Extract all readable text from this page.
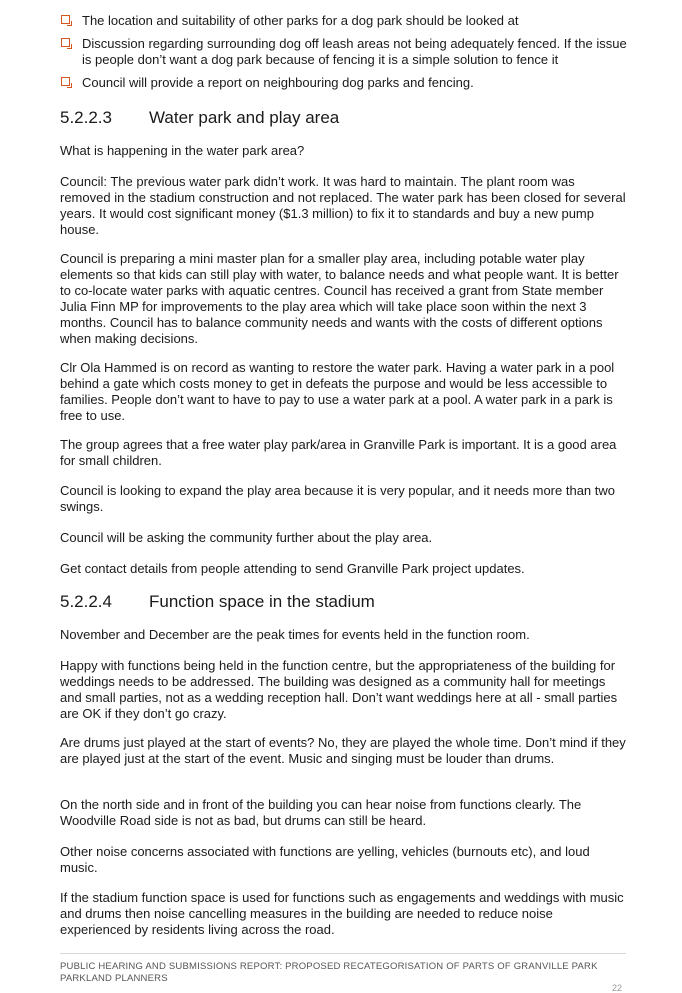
The location and suitability of other parks for a dog park should be looked at
Discussion regarding surrounding dog off leash areas not being adequately fenced. If the issue is people don’t want a dog park because of fencing it is a simple solution to fence it
Council will provide a report on neighbouring dog parks and fencing.
5.2.2.3 Water park and play area

What is happening in the water park area?

Council: The previous water park didn’t work. It was hard to maintain. The plant room was removed in the stadium construction and not replaced. The water park has been closed for several years. It would cost significant money ($1.3 million) to fix it to standards and buy a new pump house.

Council is preparing a mini master plan for a smaller play area, including potable water play elements so that kids can still play with water, to balance needs and what people want. It is better to co-locate water parks with aquatic centres. Council has received a grant from State member Julia Finn MP for improvements to the play area which will take place soon within the next 3 months. Council has to balance community needs and wants with the costs of different options when making decisions.

Clr Ola Hammed is on record as wanting to restore the water park. Having a water park in a pool behind a gate which costs money to get in defeats the purpose and would be less accessible to families. People don’t want to have to pay to use a water park at a pool. A water park in a park is free to use.

The group agrees that a free water play park/area in Granville Park is important. It is a good area for small children.

Council is looking to expand the play area because it is very popular, and it needs more than two swings.

Council will be asking the community further about the play area.

Get contact details from people attending to send Granville Park project updates.

5.2.2.4 Function space in the stadium

November and December are the peak times for events held in the function room.

Happy with functions being held in the function centre, but the appropriateness of the building for weddings needs to be addressed. The building was designed as a community hall for meetings and small parties, not as a wedding reception hall. Don’t want weddings here at all - small parties are OK if they don’t go crazy.

Are drums just played at the start of events? No, they are played the whole time. Don’t mind if they are played just at the start of the event. Music and singing must be louder than drums.

On the north side and in front of the building you can hear noise from functions clearly. The Woodville Road side is not as bad, but drums can still be heard.

Other noise concerns associated with functions are yelling, vehicles (burnouts etc), and loud music.

If the stadium function space is used for functions such as engagements and weddings with music and drums then noise cancelling measures in the building are needed to reduce noise experienced by residents living across the road.

PUBLIC HEARING AND SUBMISSIONS REPORT: PROPOSED RECATEGORISATION OF PARTS OF GRANVILLE PARK
PARKLAND PLANNERS
22
